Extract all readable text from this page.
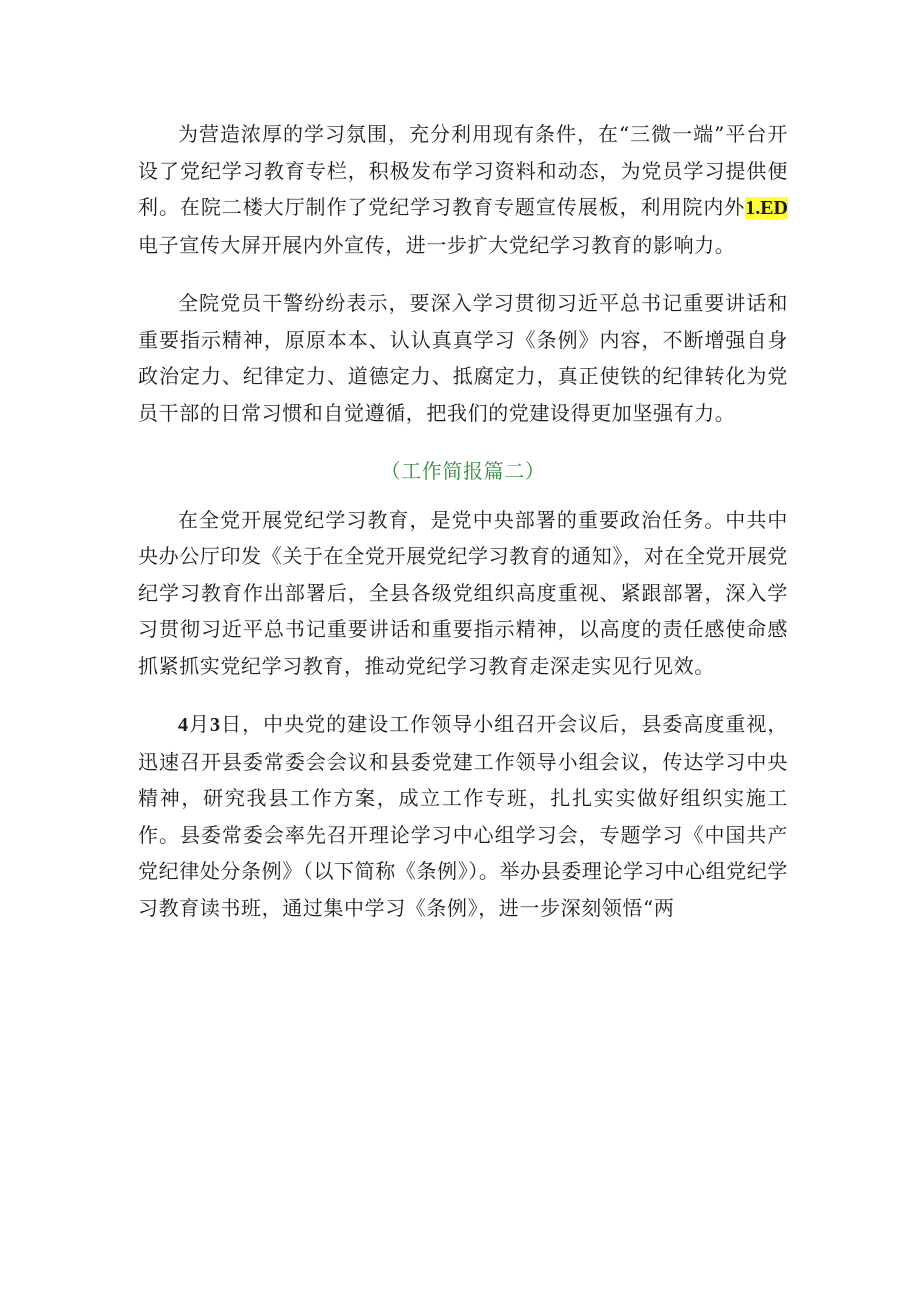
为营造浓厚的学习氛围，充分利用现有条件，在“三微一端”平台开设了党纪学习教育专栏，积极发布学习资料和动态，为党员学习提供便利。在院二楼大厅制作了党纪学习教育专题宣传展板，利用院内外1.ED电子宣传大屏开展内外宣传，进一步扩大党纪学习教育的影响力。

全院党员干警纷纷表示，要深入学习贯彻习近平总书记重要讲话和重要指示精神，原原本本、认认真真学习《条例》内容，不断增强自身政治定力、纪律定力、道德定力、抵腐定力，真正使铁的纪律转化为党员干部的日常习惯和自觉遵循，把我们的党建设得更加坚强有力。

（工作简报篇二）

在全党开展党纪学习教育，是党中央部署的重要政治任务。中共中央办公厅印发《关于在全党开展党纪学习教育的通知》，对在全党开展党纪学习教育作出部署后，全县各级党组织高度重视、紧跟部署，深入学习贯彻习近平总书记重要讲话和重要指示精神，以高度的责任感使命感抓紧抓实党纪学习教育，推动党纪学习教育走深走实见行见效。

4月3日，中央党的建设工作领导小组召开会议后，县委高度重视，迅速召开县委常委会会议和县委党建工作领导小组会议，传达学习中央精神，研究我县工作方案，成立工作专班，扎扎实实做好组织实施工作。县委常委会率先召开理论学习中心组学习会，专题学习《中国共产党纪律处分条例》（以下简称《条例》）。举办县委理论学习中心组党纪学习教育读书班，通过集中学习《条例》，进一步深刻领悟“两
